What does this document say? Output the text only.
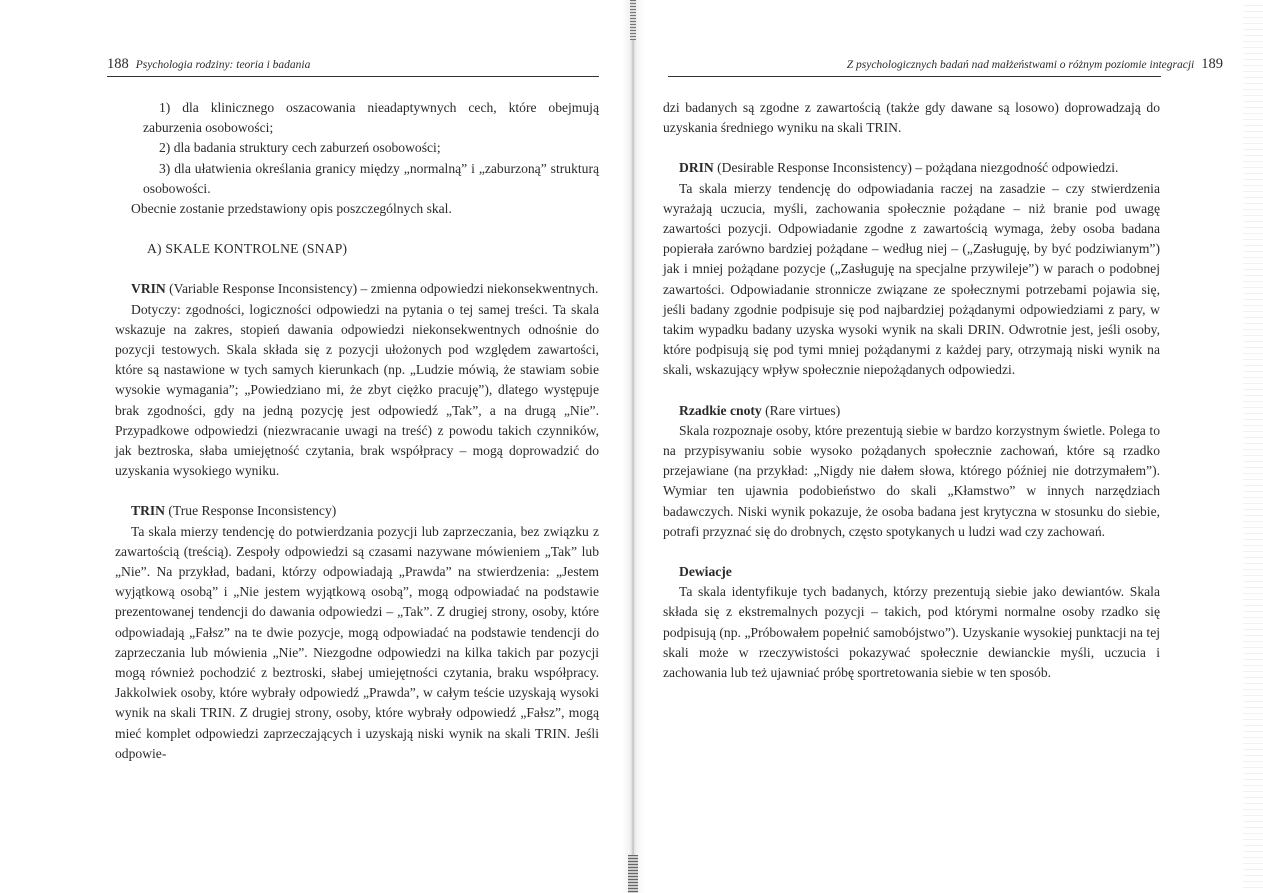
188 Psychologia rodziny: teoria i badania

1) dla klinicznego oszacowania nieadaptywnych cech, które obejmują zaburzenia osobowości;

2) dla badania struktury cech zaburzeń osobowości;

3) dla ułatwienia określania granicy między „normalną” i „zaburzoną” strukturą osobowości.

Obecnie zostanie przedstawiony opis poszczególnych skal.

A) SKALE KONTROLNE (SNAP)

VRIN (Variable Response Inconsistency) – zmienna odpowiedzi niekonsekwentnych.

Dotyczy: zgodności, logiczności odpowiedzi na pytania o tej samej treści. Ta skala wskazuje na zakres, stopień dawania odpowiedzi niekonsekwentnych odnośnie do pozycji testowych. Skala składa się z pozycji ułożonych pod względem zawartości, które są nastawione w tych samych kierunkach (np. „Ludzie mówią, że stawiam sobie wysokie wymagania”; „Powiedziano mi, że zbyt ciężko pracuję”), dlatego występuje brak zgodności, gdy na jedną pozycję jest odpowiedź „Tak”, a na drugą „Nie”. Przypadkowe odpowiedzi (niezwracanie uwagi na treść) z powodu takich czynników, jak beztroska, słaba umiejętność czytania, brak współpracy – mogą doprowadzić do uzyskania wysokiego wyniku.

TRIN (True Response Inconsistency)

Ta skala mierzy tendencję do potwierdzania pozycji lub zaprzeczania, bez związku z zawartością (treścią). Zespoły odpowiedzi są czasami nazywane mówieniem „Tak” lub „Nie”. Na przykład, badani, którzy odpowiadają „Prawda” na stwierdzenia: „Jestem wyjątkową osobą” i „Nie jestem wyjątkową osobą”, mogą odpowiadać na podstawie prezentowanej tendencji do dawania odpowiedzi – „Tak”. Z drugiej strony, osoby, które odpowiadają „Fałsz” na te dwie pozycje, mogą odpowiadać na podstawie tendencji do zaprzeczania lub mówienia „Nie”. Niezgodne odpowiedzi na kilka takich par pozycji mogą również pochodzić z beztroski, słabej umiejętności czytania, braku współpracy. Jakkolwiek osoby, które wybrały odpowiedź „Prawda”, w całym teście uzyskają wysoki wynik na skali TRIN. Z drugiej strony, osoby, które wybrały odpowiedź „Fałsz”, mogą mieć komplet odpowiedzi zaprzeczających i uzyskają niski wynik na skali TRIN. Jeśli odpowie-

Z psychologicznych badań nad małżeństwami o różnym poziomie integracji 189

dzi badanych są zgodne z zawartością (także gdy dawane są losowo) doprowadzają do uzyskania średniego wyniku na skali TRIN.

DRIN (Desirable Response Inconsistency) – pożądana niezgodność odpowiedzi.

Ta skala mierzy tendencję do odpowiadania raczej na zasadzie – czy stwierdzenia wyrażają uczucia, myśli, zachowania społecznie pożądane – niż branie pod uwagę zawartości pozycji. Odpowiadanie zgodne z zawartością wymaga, żeby osoba badana popierała zarówno bardziej pożądane – według niej – („Zasługuję, by być podziwianym”) jak i mniej pożądane pozycje („Zasługuję na specjalne przywileje”) w parach o podobnej zawartości. Odpowiadanie stronnicze związane ze społecznymi potrzebami pojawia się, jeśli badany zgodnie podpisuje się pod najbardziej pożądanymi odpowiedziami z pary, w takim wypadku badany uzyska wysoki wynik na skali DRIN. Odwrotnie jest, jeśli osoby, które podpisują się pod tymi mniej pożądanymi z każdej pary, otrzymają niski wynik na skali, wskazujący wpływ społecznie niepożądanych odpowiedzi.

Rzadkie cnoty (Rare virtues)

Skala rozpoznaje osoby, które prezentują siebie w bardzo korzystnym świetle. Polega to na przypisywaniu sobie wysoko pożądanych społecznie zachowań, które są rzadko przejawiane (na przykład: „Nigdy nie dałem słowa, którego później nie dotrzymałem”). Wymiar ten ujawnia podobieństwo do skali „Kłamstwo” w innych narzędziach badawczych. Niski wynik pokazuje, że osoba badana jest krytyczna w stosunku do siebie, potrafi przyznać się do drobnych, często spotykanych u ludzi wad czy zachowań.

Dewiacje

Ta skala identyfikuje tych badanych, którzy prezentują siebie jako dewiantów. Skala składa się z ekstremalnych pozycji – takich, pod którymi normalne osoby rzadko się podpisują (np. „Próbowałem popełnić samobójstwo”). Uzyskanie wysokiej punktacji na tej skali może w rzeczywistości pokazywać społecznie dewianckie myśli, uczucia i zachowania lub też ujawniać próbę sportretowania siebie w ten sposób.
